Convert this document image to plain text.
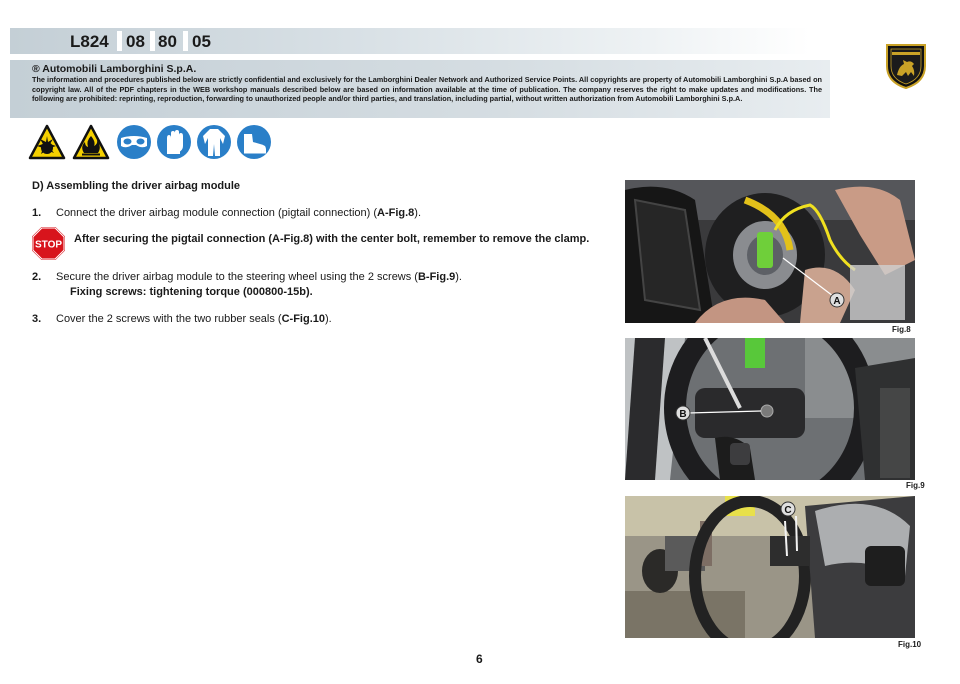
L824 08 80 05
® Automobili Lamborghini S.p.A.
The information and procedures published below are strictly confidential and exclusively for the Lamborghini Dealer Network and Authorized Service Points. All copyrights are property of Automobili Lamborghini S.p.A based on copyright law. All of the PDF chapters in the WEB workshop manuals described below are based on information available at the time of publication. The company reserves the right to make updates and modifications. The following are prohibited: reprinting, reproduction, forwarding to unauthorized people and/or third parties, and translation, including partial, without written authorization from Automobili Lamborghini S.p.A.
D) Assembling the driver airbag module
1. Connect the driver airbag module connection (pigtail connection) (A-Fig.8).
STOP After securing the pigtail connection (A-Fig.8) with the center bolt, remember to remove the clamp.
2. Secure the driver airbag module to the steering wheel using the 2 screws (B-Fig.9).
Fixing screws: tightening torque (000800-15b).
3. Cover the 2 screws with the two rubber seals (C-Fig.10).
A
Fig.8
B
Fig.9
C
Fig.10
6
